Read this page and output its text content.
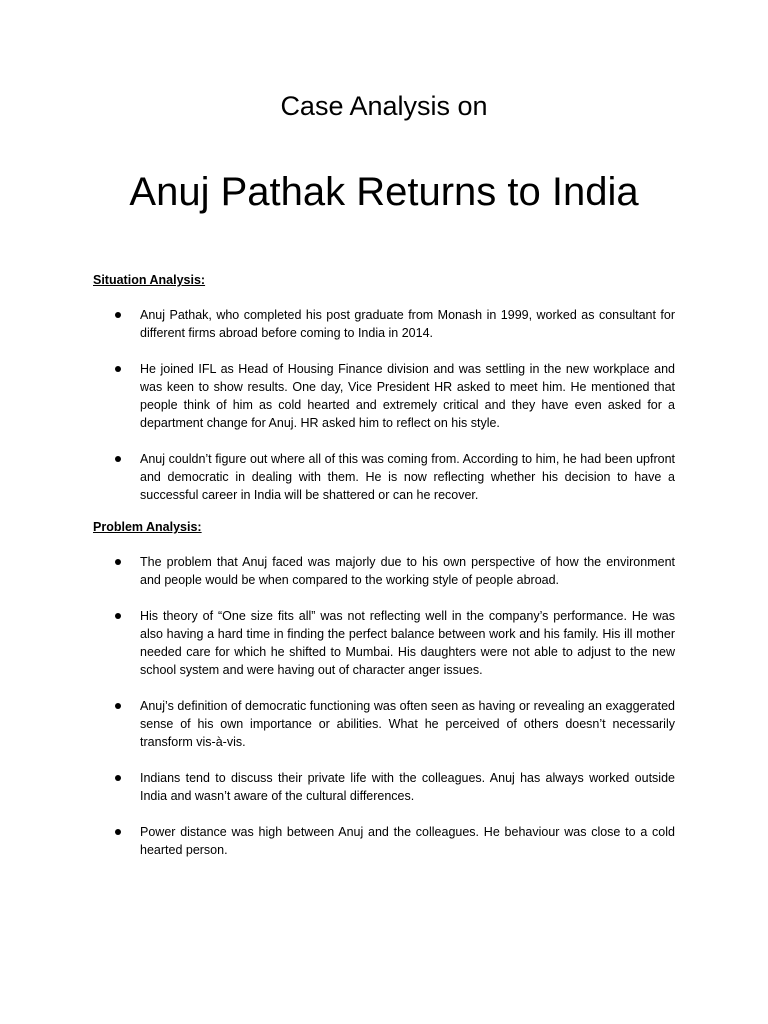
Case Analysis on
Anuj Pathak Returns to India

Situation Analysis:

Anuj Pathak, who completed his post graduate from Monash in 1999, worked as consultant for different firms abroad before coming to India in 2014.
He joined IFL as Head of Housing Finance division and was settling in the new workplace and was keen to show results. One day, Vice President HR asked to meet him. He mentioned that people think of him as cold hearted and extremely critical and they have even asked for a department change for Anuj. HR asked him to reflect on his style.
Anuj couldn’t figure out where all of this was coming from. According to him, he had been upfront and democratic in dealing with them. He is now reflecting whether his decision to have a successful career in India will be shattered or can he recover.

Problem Analysis:

The problem that Anuj faced was majorly due to his own perspective of how the environment and people would be when compared to the working style of people abroad.
His theory of “One size fits all” was not reflecting well in the company’s performance. He was also having a hard time in finding the perfect balance between work and his family. His ill mother needed care for which he shifted to Mumbai. His daughters were not able to adjust to the new school system and were having out of character anger issues.
Anuj’s definition of democratic functioning was often seen as having or revealing an exaggerated sense of his own importance or abilities. What he perceived of others doesn’t necessarily transform vis-à-vis.
Indians tend to discuss their private life with the colleagues. Anuj has always worked outside India and wasn’t aware of the cultural differences.
Power distance was high between Anuj and the colleagues. He behaviour was close to a cold hearted person.
